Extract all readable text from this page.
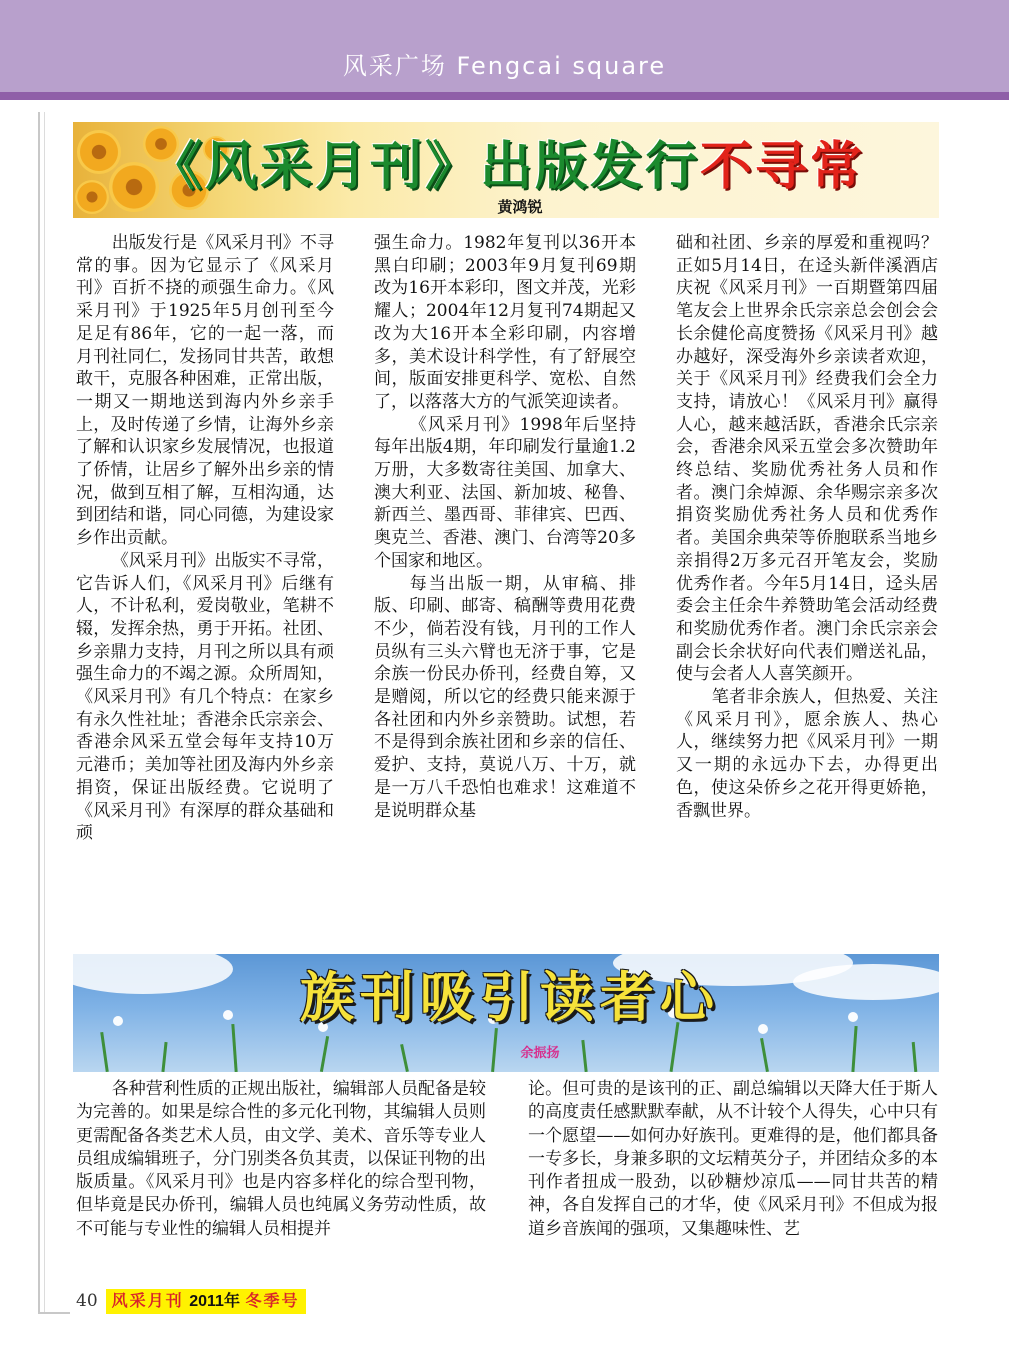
风采广场 Fengcai square
《风采月刊》出版发行不寻常
黄鸿锐

出版发行是《风采月刊》不寻常的事。因为它显示了《风采月刊》百折不挠的顽强生命力。《风采月刊》于1925年5月创刊至今足足有86年，它的一起一落，而月刊社同仁，发扬同甘共苦，敢想敢干，克服各种困难，正常出版，一期又一期地送到海内外乡亲手上，及时传递了乡情，让海外乡亲了解和认识家乡发展情况，也报道了侨情，让居乡了解外出乡亲的情况，做到互相了解，互相沟通，达到团结和谐，同心同德，为建设家乡作出贡献。

《风采月刊》出版实不寻常，它告诉人们，《风采月刊》后继有人，不计私利，爱岗敬业，笔耕不辍，发挥余热，勇于开拓。社团、乡亲鼎力支持，月刊之所以具有顽强生命力的不竭之源。众所周知，《风采月刊》有几个特点：在家乡有永久性社址；香港余氏宗亲会、香港余风采五堂会每年支持10万元港币；美加等社团及海内外乡亲捐资，保证出版经费。它说明了《风采月刊》有深厚的群众基础和顽

强生命力。1982年复刊以36开本黑白印刷；2003年9月复刊69期改为16开本彩印，图文并茂，光彩耀人；2004年12月复刊74期起又改为大16开本全彩印刷，内容增多，美术设计科学性，有了舒展空间，版面安排更科学、宽松、自然了，以落落大方的气派笑迎读者。

《风采月刊》1998年后坚持每年出版4期，年印刷发行量逾1.2万册，大多数寄往美国、加拿大、澳大利亚、法国、新加坡、秘鲁、新西兰、墨西哥、菲律宾、巴西、奥克兰、香港、澳门、台湾等20多个国家和地区。

每当出版一期，从审稿、排版、印刷、邮寄、稿酬等费用花费不少，倘若没有钱，月刊的工作人员纵有三头六臂也无济于事，它是余族一份民办侨刊，经费自筹，又是赠阅，所以它的经费只能来源于各社团和内外乡亲赞助。试想，若不是得到余族社团和乡亲的信任、爱护、支持，莫说八万、十万，就是一万八千恐怕也难求！这难道不是说明群众基

础和社团、乡亲的厚爱和重视吗？正如5月14日，在迳头新伴溪酒店庆祝《风采月刊》一百期暨第四届笔友会上世界余氏宗亲总会创会会长余健伦高度赞扬《风采月刊》越办越好，深受海外乡亲读者欢迎，关于《风采月刊》经费我们会全力支持，请放心！《风采月刊》赢得人心，越来越活跃，香港余氏宗亲会，香港余风采五堂会多次赞助年终总结、奖励优秀社务人员和作者。澳门余焯源、余华赐宗亲多次捐资奖励优秀社务人员和优秀作者。美国余典荣等侨胞联系当地乡亲捐得2万多元召开笔友会，奖励优秀作者。今年5月14日，迳头居委会主任余牛养赞助笔会活动经费和奖励优秀作者。澳门余氏宗亲会副会长余状好向代表们赠送礼品，使与会者人人喜笑颜开。

笔者非余族人，但热爱、关注《风采月刊》，愿余族人、热心人，继续努力把《风采月刊》一期又一期的永远办下去，办得更出色，使这朵侨乡之花开得更娇艳，香飘世界。

族刊吸引读者心
余振扬

各种营利性质的正规出版社，编辑部人员配备是较为完善的。如果是综合性的多元化刊物，其编辑人员则更需配备各类艺术人员，由文学、美术、音乐等专业人员组成编辑班子，分门别类各负其责，以保证刊物的出版质量。《风采月刊》也是内容多样化的综合型刊物，但毕竟是民办侨刊，编辑人员也纯属义务劳动性质，故不可能与专业性的编辑人员相提并

论。但可贵的是该刊的正、副总编辑以天降大任于斯人的高度责任感默默奉献，从不计较个人得失，心中只有一个愿望——如何办好族刊。更难得的是，他们都具备一专多长，身兼多职的文坛精英分子，并团结众多的本刊作者扭成一股劲，以砂糖炒凉瓜——同甘共苦的精神，各自发挥自己的才华，使《风采月刊》不但成为报道乡音族闻的强项，又集趣味性、艺

40 风采月刊 2011年 冬季号
